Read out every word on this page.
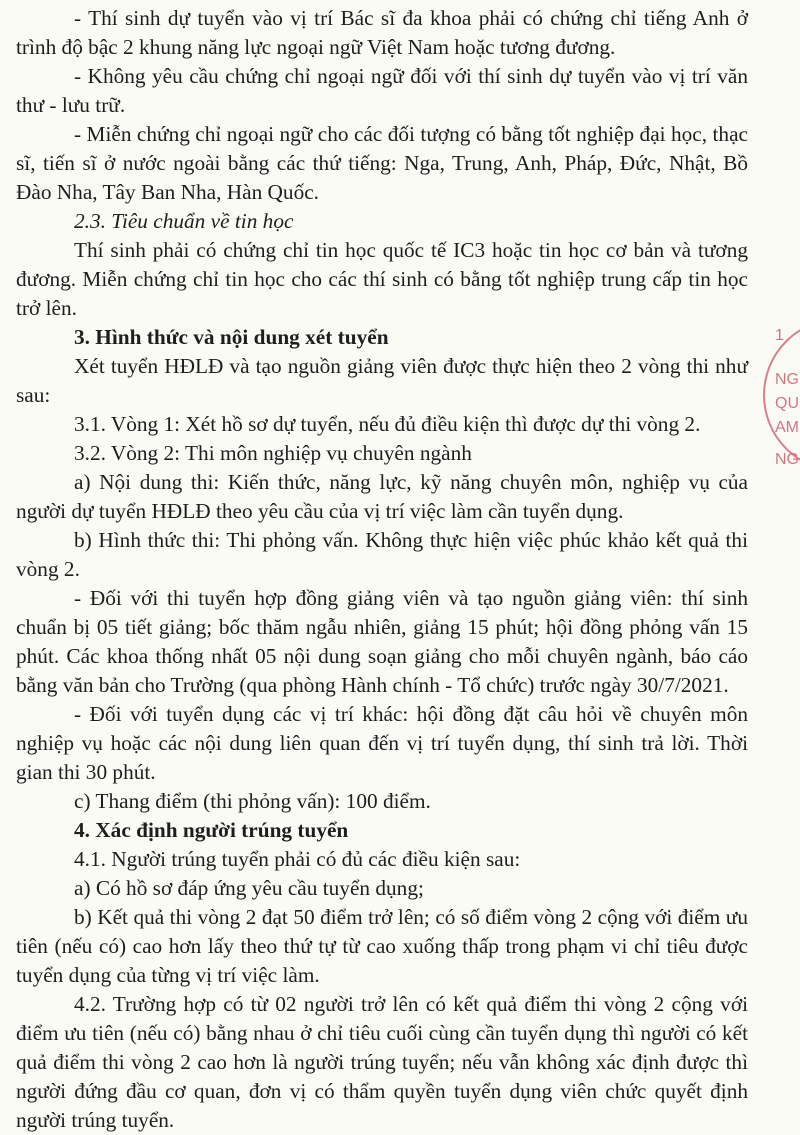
- Thí sinh dự tuyển vào vị trí Bác sĩ đa khoa phải có chứng chỉ tiếng Anh ở trình độ bậc 2 khung năng lực ngoại ngữ Việt Nam hoặc tương đương.

- Không yêu cầu chứng chỉ ngoại ngữ đối với thí sinh dự tuyển vào vị trí văn thư - lưu trữ.

- Miễn chứng chỉ ngoại ngữ cho các đối tượng có bằng tốt nghiệp đại học, thạc sĩ, tiến sĩ ở nước ngoài bằng các thứ tiếng: Nga, Trung, Anh, Pháp, Đức, Nhật, Bồ Đào Nha, Tây Ban Nha, Hàn Quốc.

2.3. Tiêu chuẩn về tin học

Thí sinh phải có chứng chỉ tin học quốc tế IC3 hoặc tin học cơ bản và tương đương. Miễn chứng chỉ tin học cho các thí sinh có bằng tốt nghiệp trung cấp tin học trở lên.

3. Hình thức và nội dung xét tuyển

Xét tuyển HĐLĐ và tạo nguồn giảng viên được thực hiện theo 2 vòng thi như sau:

3.1. Vòng 1: Xét hồ sơ dự tuyển, nếu đủ điều kiện thì được dự thi vòng 2.

3.2. Vòng 2: Thi môn nghiệp vụ chuyên ngành

a) Nội dung thi: Kiến thức, năng lực, kỹ năng chuyên môn, nghiệp vụ của người dự tuyển HĐLĐ theo yêu cầu của vị trí việc làm cần tuyển dụng.

b) Hình thức thi: Thi phỏng vấn. Không thực hiện việc phúc khảo kết quả thi vòng 2.

- Đối với thi tuyển hợp đồng giảng viên và tạo nguồn giảng viên: thí sinh chuẩn bị 05 tiết giảng; bốc thăm ngẫu nhiên, giảng 15 phút; hội đồng phỏng vấn 15 phút. Các khoa thống nhất 05 nội dung soạn giảng cho mỗi chuyên ngành, báo cáo bằng văn bản cho Trường (qua phòng Hành chính - Tổ chức) trước ngày 30/7/2021.

- Đối với tuyển dụng các vị trí khác: hội đồng đặt câu hỏi về chuyên môn nghiệp vụ hoặc các nội dung liên quan đến vị trí tuyển dụng, thí sinh trả lời. Thời gian thi 30 phút.

c) Thang điểm (thi phỏng vấn): 100 điểm.

4. Xác định người trúng tuyển

4.1. Người trúng tuyển phải có đủ các điều kiện sau:

a) Có hồ sơ đáp ứng yêu cầu tuyển dụng;

b) Kết quả thi vòng 2 đạt 50 điểm trở lên; có số điểm vòng 2 cộng với điểm ưu tiên (nếu có) cao hơn lấy theo thứ tự từ cao xuống thấp trong phạm vi chỉ tiêu được tuyển dụng của từng vị trí việc làm.

4.2. Trường hợp có từ 02 người trở lên có kết quả điểm thi vòng 2 cộng với điểm ưu tiên (nếu có) bằng nhau ở chỉ tiêu cuối cùng cần tuyển dụng thì người có kết quả điểm thi vòng 2 cao hơn là người trúng tuyển; nếu vẫn không xác định được thì người đứng đầu cơ quan, đơn vị có thẩm quyền tuyển dụng viên chức quyết định người trúng tuyển.

1
NG
QU
AM
NG
